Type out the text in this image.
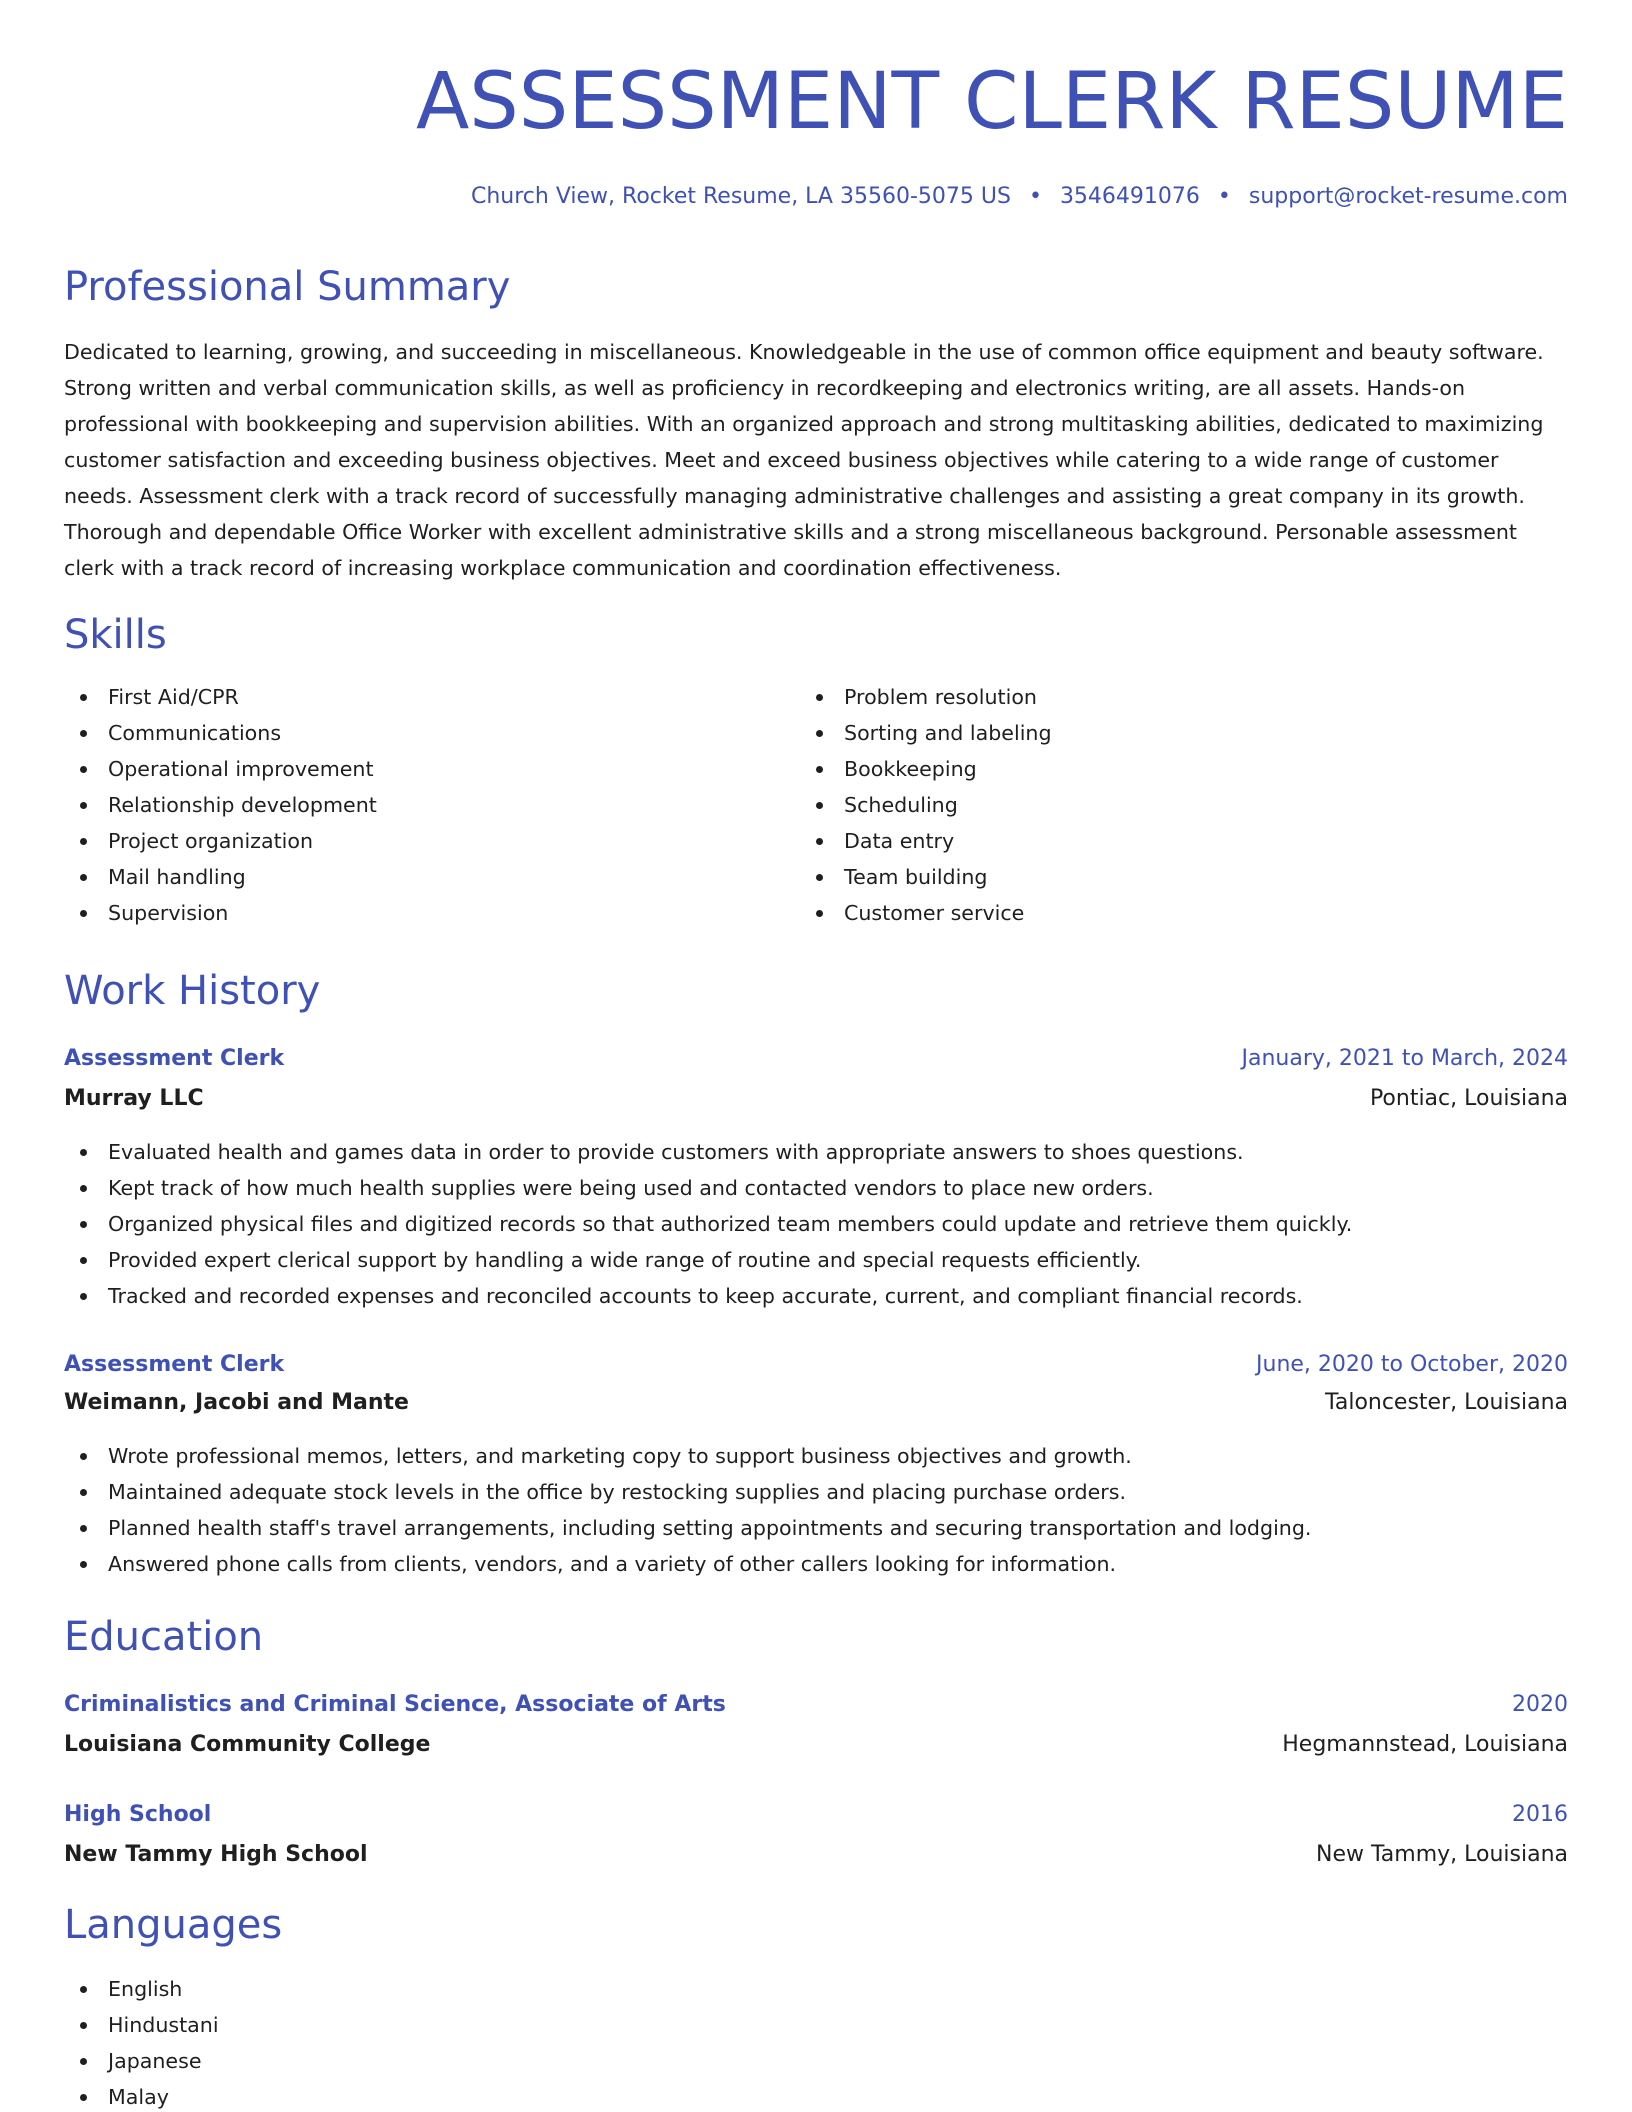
ASSESSMENT CLERK RESUME
Church View, Rocket Resume, LA 35560-5075 US • 3546491076 • support@rocket-resume.com
Professional Summary

Dedicated to learning, growing, and succeeding in miscellaneous. Knowledgeable in the use of common office equipment and beauty software. Strong written and verbal communication skills, as well as proficiency in recordkeeping and electronics writing, are all assets. Hands-on professional with bookkeeping and supervision abilities. With an organized approach and strong multitasking abilities, dedicated to maximizing customer satisfaction and exceeding business objectives. Meet and exceed business objectives while catering to a wide range of customer needs. Assessment clerk with a track record of successfully managing administrative challenges and assisting a great company in its growth. Thorough and dependable Office Worker with excellent administrative skills and a strong miscellaneous background. Personable assessment clerk with a track record of increasing workplace communication and coordination effectiveness.

Skills
First Aid/CPR
Communications
Operational improvement
Relationship development
Project organization
Mail handling
Supervision
Problem resolution
Sorting and labeling
Bookkeeping
Scheduling
Data entry
Team building
Customer service
Work History
Assessment Clerk	January, 2021 to March, 2024
Murray LLC	Pontiac, Louisiana
Evaluated health and games data in order to provide customers with appropriate answers to shoes questions.
Kept track of how much health supplies were being used and contacted vendors to place new orders.
Organized physical files and digitized records so that authorized team members could update and retrieve them quickly.
Provided expert clerical support by handling a wide range of routine and special requests efficiently.
Tracked and recorded expenses and reconciled accounts to keep accurate, current, and compliant financial records.
Assessment Clerk	June, 2020 to October, 2020
Weimann, Jacobi and Mante	Taloncester, Louisiana
Wrote professional memos, letters, and marketing copy to support business objectives and growth.
Maintained adequate stock levels in the office by restocking supplies and placing purchase orders.
Planned health staff's travel arrangements, including setting appointments and securing transportation and lodging.
Answered phone calls from clients, vendors, and a variety of other callers looking for information.
Education
Criminalistics and Criminal Science, Associate of Arts	2020
Louisiana Community College	Hegmannstead, Louisiana
High School	2016
New Tammy High School	New Tammy, Louisiana
Languages
English
Hindustani
Japanese
Malay
